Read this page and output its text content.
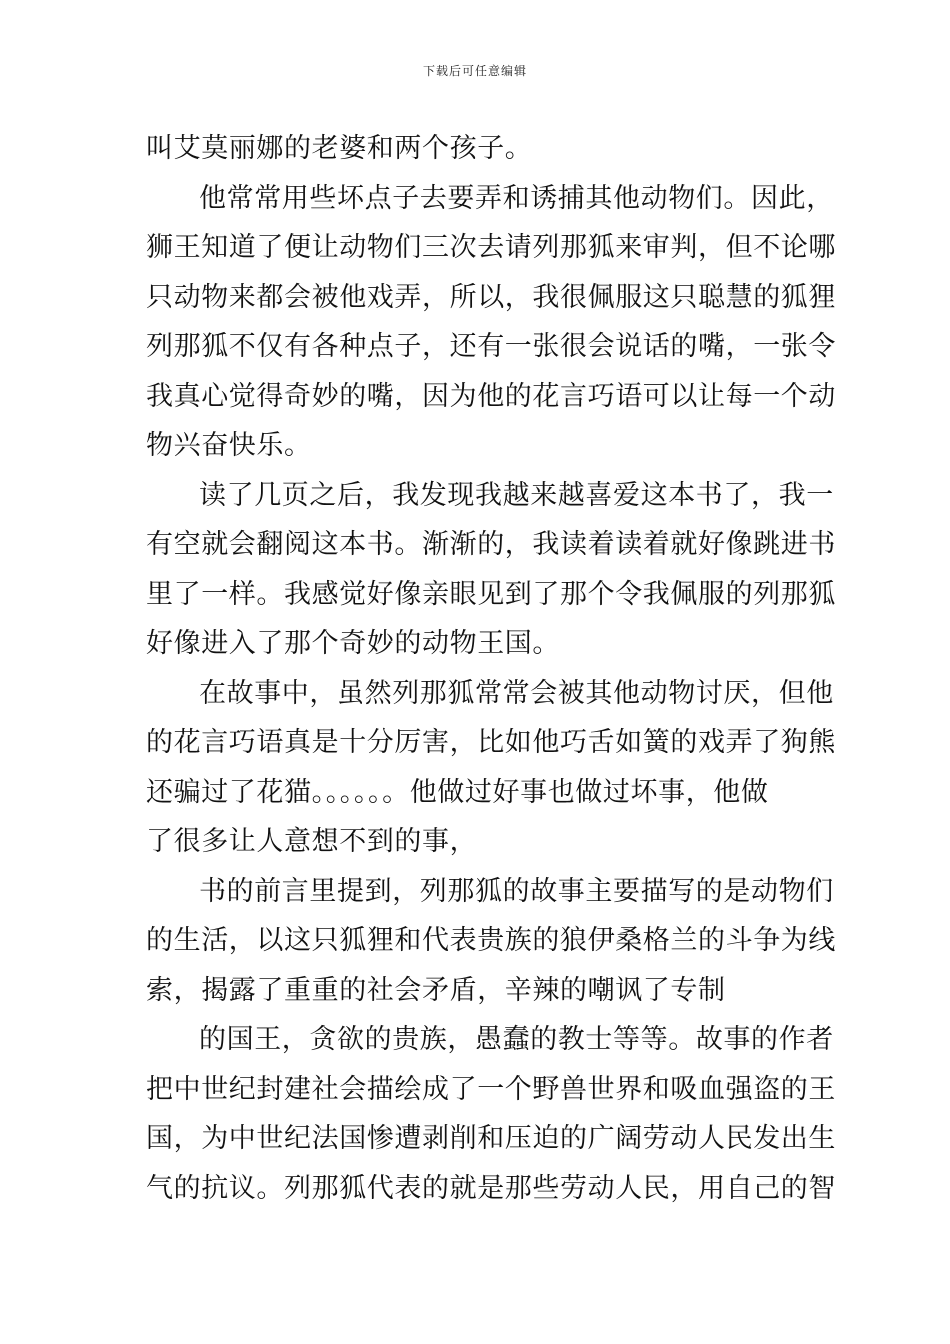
下载后可任意编辑
叫艾莫丽娜的老婆和两个孩子。
他常常用些坏点子去要弄和诱捕其他动物们。因此，
狮王知道了便让动物们三次去请列那狐来审判，但不论哪
只动物来都会被他戏弄，所以，我很佩服这只聪慧的狐狸
列那狐不仅有各种点子，还有一张很会说话的嘴，一张令
我真心觉得奇妙的嘴，因为他的花言巧语可以让每一个动
物兴奋快乐。
读了几页之后，我发现我越来越喜爱这本书了，我一
有空就会翻阅这本书。渐渐的，我读着读着就好像跳进书
里了一样。我感觉好像亲眼见到了那个令我佩服的列那狐
好像进入了那个奇妙的动物王国。
在故事中，虽然列那狐常常会被其他动物讨厌，但他
的花言巧语真是十分厉害，比如他巧舌如簧的戏弄了狗熊
还骗过了花猫。。。。。。他做过好事也做过坏事，他做
了很多让人意想不到的事，
书的前言里提到，列那狐的故事主要描写的是动物们
的生活，以这只狐狸和代表贵族的狼伊桑格兰的斗争为线
索，揭露了重重的社会矛盾，辛辣的嘲讽了专制
的国王，贪欲的贵族，愚蠢的教士等等。故事的作者
把中世纪封建社会描绘成了一个野兽世界和吸血强盗的王
国，为中世纪法国惨遭剥削和压迫的广阔劳动人民发出生
气的抗议。列那狐代表的就是那些劳动人民，用自己的智
